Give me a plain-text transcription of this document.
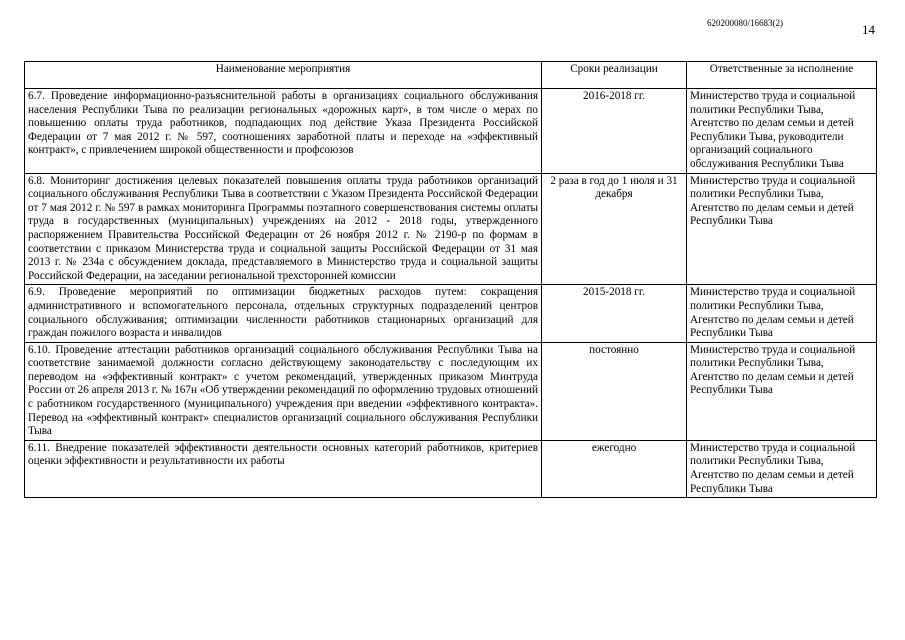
620200080/16683(2)	14
Наименование мероприятия	Сроки реализации	Ответственные за исполнение
6.7. Проведение информационно-разъяснительной работы в организациях социального обслуживания населения Республики Тыва по реализации региональных «дорожных карт», в том числе о мерах по повышению оплаты труда работников, подпадающих под действие Указа Президента Российской Федерации от 7 мая 2012 г. № 597, соотношениях заработной платы и переходе на «эффективный контракт», с привлечением широкой общественности и профсоюзов	2016-2018 гг.	Министерство труда и социальной политики Республики Тыва, Агентство по делам семьи и детей Республики Тыва, руководители организаций социального обслуживания Республики Тыва
6.8. Мониторинг достижения целевых показателей повышения оплаты труда работников организаций социального обслуживания Республики Тыва в соответствии с Указом Президента Российской Федерации от 7 мая 2012 г. № 597 в рамках мониторинга Программы поэтапного совершенствования системы оплаты труда в государственных (муниципальных) учреждениях на 2012 - 2018 годы, утвержденного распоряжением Правительства Российской Федерации от 26 ноября 2012 г. № 2190-р по формам в соответствии с приказом Министерства труда и социальной защиты Российской Федерации от 31 мая 2013 г. № 234а с обсуждением доклада, представляемого в Министерство труда и социальной защиты Российской Федерации, на заседании региональной трехсторонней комиссии	2 раза в год до 1 июля и 31 декабря	Министерство труда и социальной политики Республики Тыва, Агентство по делам семьи и детей Республики Тыва
6.9. Проведение мероприятий по оптимизации бюджетных расходов путем: сокращения административного и вспомогательного персонала, отдельных структурных подразделений центров социального обслуживания; оптимизации численности работников стационарных организаций для граждан пожилого возраста и инвалидов	2015-2018 гг.	Министерство труда и социальной политики Республики Тыва, Агентство по делам семьи и детей Республики Тыва
6.10. Проведение аттестации работников организаций социального обслуживания Республики Тыва на соответствие занимаемой должности согласно действующему законодательству с последующим их переводом на «эффективный контракт» с учетом рекомендаций, утвержденных приказом Минтруда России от 26 апреля 2013 г. № 167н «Об утверждении рекомендаций по оформлению трудовых отношений с работником государственного (муниципального) учреждения при введении «эффективного контракта». Перевод на «эффективный контракт» специалистов организаций социального обслуживания Республики Тыва	постоянно	Министерство труда и социальной политики Республики Тыва, Агентство по делам семьи и детей Республики Тыва
6.11. Внедрение показателей эффективности деятельности основных категорий работников, критериев оценки эффективности и результативности их работы	ежегодно	Министерство труда и социальной политики Республики Тыва, Агентство по делам семьи и детей Республики Тыва
